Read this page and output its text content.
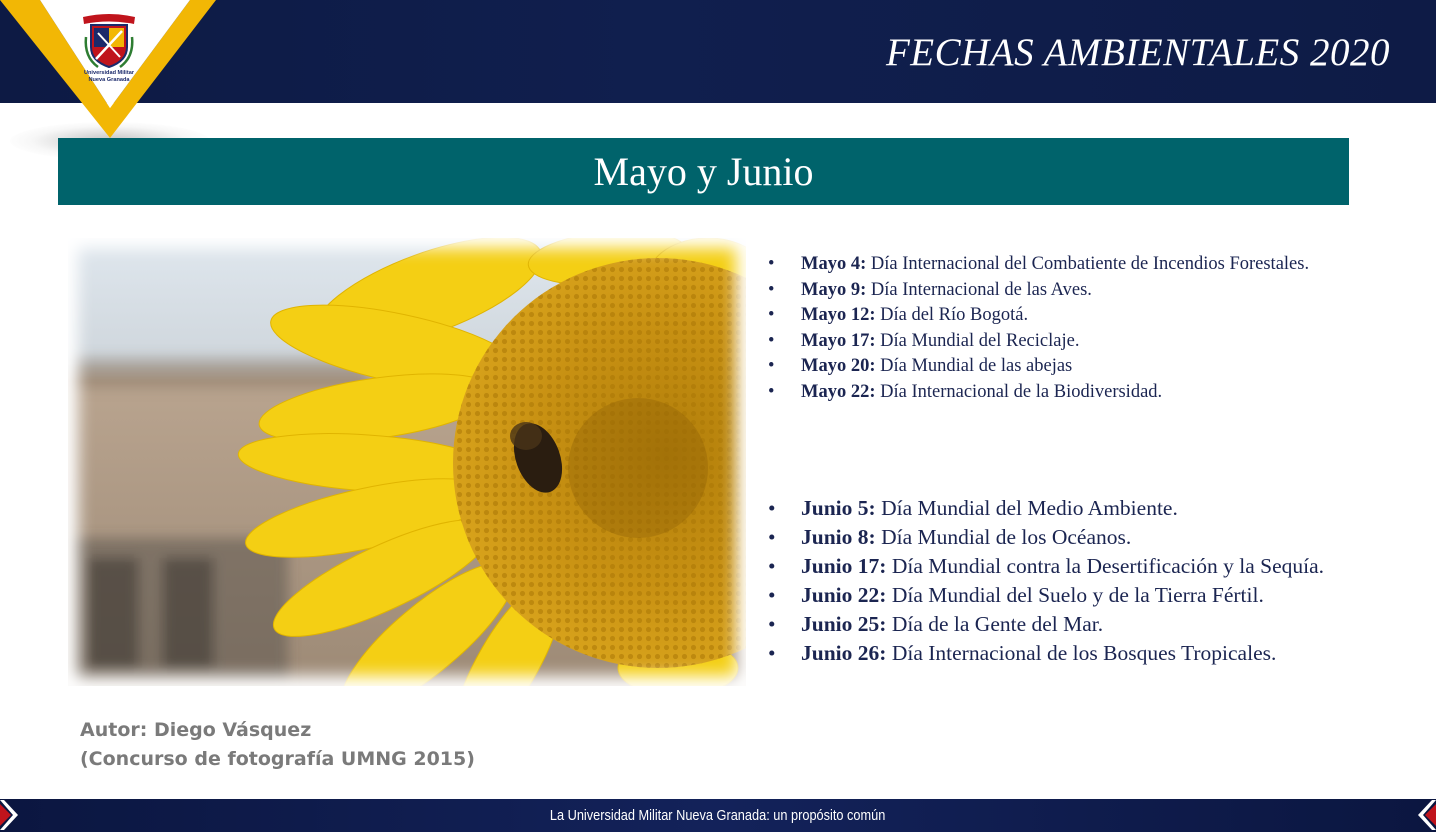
FECHAS AMBIENTALES 2020
Universidad Militar
Nueva Granada
Mayo y Junio
• Mayo 4: Día Internacional del Combatiente de Incendios Forestales.
• Mayo 9: Día Internacional de las Aves.
• Mayo 12: Día del Río Bogotá.
• Mayo 17: Día Mundial del Reciclaje.
• Mayo 20: Día Mundial de las abejas
• Mayo 22: Día Internacional de la Biodiversidad.
• Junio 5: Día Mundial del Medio Ambiente.
• Junio 8: Día Mundial de los Océanos.
• Junio 17: Día Mundial contra la Desertificación y la Sequía.
• Junio 22: Día Mundial del Suelo y de la Tierra Fértil.
• Junio 25: Día de la Gente del Mar.
• Junio 26: Día Internacional de los Bosques Tropicales.
Autor: Diego Vásquez
(Concurso de fotografía UMNG 2015)
La Universidad Militar Nueva Granada: un propósito común
